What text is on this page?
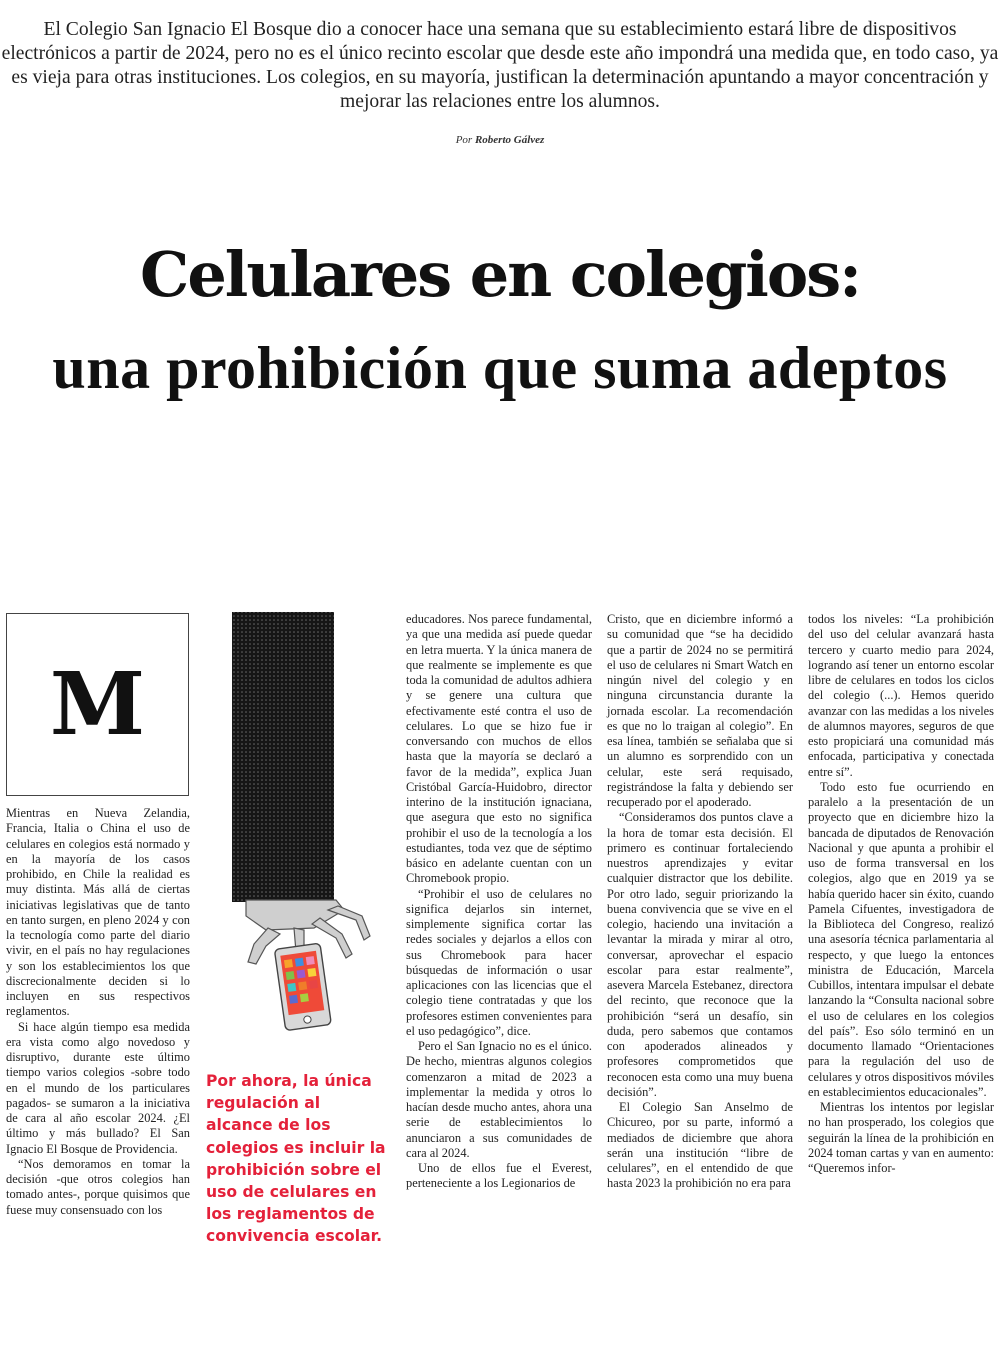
El Colegio San Ignacio El Bosque dio a conocer hace una semana que su establecimiento estará libre de dispositivos electrónicos a partir de 2024, pero no es el único recinto escolar que desde este año impondrá una medida que, en todo caso, ya es vieja para otras instituciones. Los colegios, en su mayoría, justifican la determinación apuntando a mayor concentración y mejorar las relaciones entre los alumnos.

Por Roberto Gálvez

Celulares en colegios:
una prohibición que suma adeptos
M

Mientras en Nueva Zelandia, Francia, Italia o China el uso de celulares en colegios está normado y en la mayoría de los casos prohibido, en Chile la realidad es muy distinta. Más allá de ciertas iniciativas legislativas que de tanto en tanto surgen, en pleno 2024 y con la tecnología como parte del diario vivir, en el país no hay regulaciones y son los establecimientos los que discrecionalmente deciden si lo incluyen en sus respectivos reglamentos.

Si hace algún tiempo esa medida era vista como algo novedoso y disruptivo, durante este último tiempo varios colegios -sobre todo en el mundo de los particulares pagados- se sumaron a la iniciativa de cara al año escolar 2024. ¿El último y más bullado? El San Ignacio El Bosque de Providencia.

“Nos demoramos en tomar la decisión -que otros colegios han tomado antes-, porque quisimos que fuese muy consensuado con los

Por ahora, la única regulación al alcance de los colegios es incluir la prohibición sobre el uso de celulares en los reglamentos de convivencia escolar.

educadores. Nos parece fundamental, ya que una medida así puede quedar en letra muerta. Y la única manera de que realmente se implemente es que toda la comunidad de adultos adhiera y se genere una cultura que efectivamente esté contra el uso de celulares. Lo que se hizo fue ir conversando con muchos de ellos hasta que la mayoría se declaró a favor de la medida”, explica Juan Cristóbal García-Huidobro, director interino de la institución ignaciana, que asegura que esto no significa prohibir el uso de la tecnología a los estudiantes, toda vez que de séptimo básico en adelante cuentan con un Chromebook propio.

“Prohibir el uso de celulares no significa dejarlos sin internet, simplemente significa cortar las redes sociales y dejarlos a ellos con sus Chromebook para hacer búsquedas de información o usar aplicaciones con las licencias que el colegio tiene contratadas y que los profesores estimen convenientes para el uso pedagógico”, dice.

Pero el San Ignacio no es el único. De hecho, mientras algunos colegios comenzaron a mitad de 2023 a implementar la medida y otros lo hacían desde mucho antes, ahora una serie de establecimientos lo anunciaron a sus comunidades de cara al 2024.

Uno de ellos fue el Everest, perteneciente a los Legionarios de

Cristo, que en diciembre informó a su comunidad que “se ha decidido que a partir de 2024 no se permitirá el uso de celulares ni Smart Watch en ningún nivel del colegio y en ninguna circunstancia durante la jornada escolar. La recomendación es que no lo traigan al colegio”. En esa línea, también se señalaba que si un alumno es sorprendido con un celular, este será requisado, registrándose la falta y debiendo ser recuperado por el apoderado.

“Consideramos dos puntos clave a la hora de tomar esta decisión. El primero es continuar fortaleciendo nuestros aprendizajes y evitar cualquier distractor que los debilite. Por otro lado, seguir priorizando la buena convivencia que se vive en el colegio, haciendo una invitación a levantar la mirada y mirar al otro, conversar, aprovechar el espacio escolar para estar realmente”, asevera Marcela Estebanez, directora del recinto, que reconoce que la prohibición “será un desafío, sin duda, pero sabemos que contamos con apoderados alineados y profesores comprometidos que reconocen esta como una muy buena decisión”.

El Colegio San Anselmo de Chicureo, por su parte, informó a mediados de diciembre que ahora serán una institución “libre de celulares”, en el entendido de que hasta 2023 la prohibición no era para

todos los niveles: “La prohibición del uso del celular avanzará hasta tercero y cuarto medio para 2024, logrando así tener un entorno escolar libre de celulares en todos los ciclos del colegio (...). Hemos querido avanzar con las medidas a los niveles de alumnos mayores, seguros de que esto propiciará una comunidad más enfocada, participativa y conectada entre sí”.

Todo esto fue ocurriendo en paralelo a la presentación de un proyecto que en diciembre hizo la bancada de diputados de Renovación Nacional y que apunta a prohibir el uso de forma transversal en los colegios, algo que en 2019 ya se había querido hacer sin éxito, cuando Pamela Cifuentes, investigadora de la Biblioteca del Congreso, realizó una asesoría técnica parlamentaria al respecto, y que luego la entonces ministra de Educación, Marcela Cubillos, intentara impulsar el debate lanzando la “Consulta nacional sobre el uso de celulares en los colegios del país”. Eso sólo terminó en un documento llamado “Orientaciones para la regulación del uso de celulares y otros dispositivos móviles en establecimientos educacionales”.

Mientras los intentos por legislar no han prosperado, los colegios que seguirán la línea de la prohibición en 2024 toman cartas y van en aumento: “Queremos infor-
